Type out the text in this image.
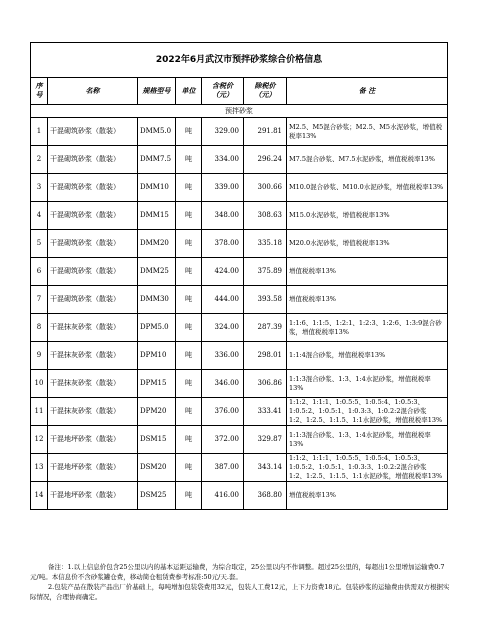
2022年6月武汉市预拌砂浆综合价格信息						
序号	名称	规格型号	单位	含税价（元）	除税价（元）	备 注
预拌砂浆						
1	干混砌筑砂浆（散装）	DMM5.0	吨	329.00	291.81	M2.5、M5混合砂浆；M2.5、M5水泥砂浆，增值税税率13%
2	干混砌筑砂浆（散装）	DMM7.5	吨	334.00	296.24	M7.5混合砂浆、M7.5水泥砂浆，增值税税率13%
3	干混砌筑砂浆（散装）	DMM10	吨	339.00	300.66	M10.0混合砂浆、M10.0水泥砂浆，增值税税率13%
4	干混砌筑砂浆（散装）	DMM15	吨	348.00	308.63	M15.0水泥砂浆，增值税税率13%
5	干混砌筑砂浆（散装）	DMM20	吨	378.00	335.18	M20.0水泥砂浆，增值税税率13%
6	干混砌筑砂浆（散装）	DMM25	吨	424.00	375.89	增值税税率13%
7	干混砌筑砂浆（散装）	DMM30	吨	444.00	393.58	增值税税率13%
8	干混抹灰砂浆（散装）	DPM5.0	吨	324.00	287.39	1:1:6、1:1:5、1:2:1、1:2:3、1:2:6、1:3:9混合砂浆，增值税税率13%
9	干混抹灰砂浆（散装）	DPM10	吨	336.00	298.01	1:1:4混合砂浆，增值税税率13%
10	干混抹灰砂浆（散装）	DPM15	吨	346.00	306.86	1:1:3混合砂浆、1:3、1:4水泥砂浆，增值税税率13%
11	干混抹灰砂浆（散装）	DPM20	吨	376.00	333.41	1:1:2、1:1:1、1:0.5:5、1:0.5:4、1:0.5:3、1:0.5:2、1:0.5:1、1:0.3:3、1:0.2:2混合砂浆 1:2、1:2.5、1:1.5、1:1水泥砂浆，增值税税率13%
12	干混地坪砂浆（散装）	DSM15	吨	372.00	329.87	1:1:3混合砂浆、1:3、1:4水泥砂浆，增值税税率13%
13	干混地坪砂浆（散装）	DSM20	吨	387.00	343.14	1:1:2、1:1:1、1:0.5:5、1:0.5:4、1:0.5:3、1:0.5:2、1:0.5:1、1:0.3:3、1:0.2:2混合砂浆 1:2、1:2.5、1:1.5、1:1水泥砂浆，增值税税率13%
14	干混地坪砂浆（散装）	DSM25	吨	416.00	368.80	增值税税率13%

备注：1.以上信息价包含25公里以内的基本运距运输费，为综合取定，25公里以内不作调整。超过25公里的，每超出1公里增加运输费0.7元/吨。本信息价不含砂浆罐仓费，移动简仓租赁费参考标准:50元/天.套。

2.包装产品在散装产品出厂价基础上，每吨增加包装袋费用32元，包装人工费12元，上下力资费18元。包装砂浆的运输费由供需双方根据实际情况，合理协商确定。
